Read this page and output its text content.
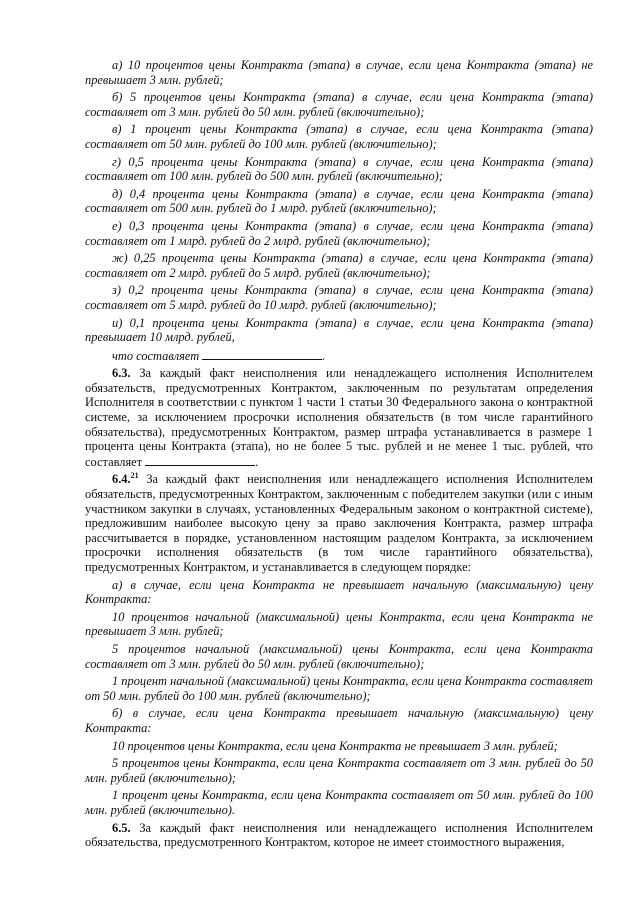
а) 10 процентов цены Контракта (этапа) в случае, если цена Контракта (этапа) не превышает 3 млн. рублей;

б) 5 процентов цены Контракта (этапа) в случае, если цена Контракта (этапа) составляет от 3 млн. рублей до 50 млн. рублей (включительно);

в) 1 процент цены Контракта (этапа) в случае, если цена Контракта (этапа) составляет от 50 млн. рублей до 100 млн. рублей (включительно);

г) 0,5 процента цены Контракта (этапа) в случае, если цена Контракта (этапа) составляет от 100 млн. рублей до 500 млн. рублей (включительно);

д) 0,4 процента цены Контракта (этапа) в случае, если цена Контракта (этапа) составляет от 500 млн. рублей до 1 млрд. рублей (включительно);

е) 0,3 процента цены Контракта (этапа) в случае, если цена Контракта (этапа) составляет от 1 млрд. рублей до 2 млрд. рублей (включительно);

ж) 0,25 процента цены Контракта (этапа) в случае, если цена Контракта (этапа) составляет от 2 млрд. рублей до 5 млрд. рублей (включительно);

з) 0,2 процента цены Контракта (этапа) в случае, если цена Контракта (этапа) составляет от 5 млрд. рублей до 10 млрд. рублей (включительно);

и) 0,1 процента цены Контракта (этапа) в случае, если цена Контракта (этапа) превышает 10 млрд. рублей,

что составляет	.

6.3. За каждый факт неисполнения или ненадлежащего исполнения Исполнителем обязательств, предусмотренных Контрактом, заключенным по результатам определения Исполнителя в соответствии с пунктом 1 части 1 статьи 30 Федерального закона о контрактной системе, за исключением просрочки исполнения обязательств (в том числе гарантийного обязательства), предусмотренных Контрактом, размер штрафа устанавливается в размере 1 процента цены Контракта (этапа), но не более 5 тыс. рублей и не менее 1 тыс. рублей, что составляет	.

6.4.21 За каждый факт неисполнения или ненадлежащего исполнения Исполнителем обязательств, предусмотренных Контрактом, заключенным с победителем закупки (или с иным участником закупки в случаях, установленных Федеральным законом о контрактной системе), предложившим наиболее высокую цену за право заключения Контракта, размер штрафа рассчитывается в порядке, установленном настоящим разделом Контракта, за исключением просрочки исполнения обязательств (в том числе гарантийного обязательства), предусмотренных Контрактом, и устанавливается в следующем порядке:

а) в случае, если цена Контракта не превышает начальную (максимальную) цену Контракта:

10 процентов начальной (максимальной) цены Контракта, если цена Контракта не превышает 3 млн. рублей;

5 процентов начальной (максимальной) цены Контракта, если цена Контракта составляет от 3 млн. рублей до 50 млн. рублей (включительно);

1 процент начальной (максимальной) цены Контракта, если цена Контракта составляет от 50 млн. рублей до 100 млн. рублей (включительно);

б) в случае, если цена Контракта превышает начальную (максимальную) цену Контракта:

10 процентов цены Контракта, если цена Контракта не превышает 3 млн. рублей;

5 процентов цены Контракта, если цена Контракта составляет от 3 млн. рублей до 50 млн. рублей (включительно);

1 процент цены Контракта, если цена Контракта составляет от 50 млн. рублей до 100 млн. рублей (включительно).

6.5. За каждый факт неисполнения или ненадлежащего исполнения Исполнителем обязательства, предусмотренного Контрактом, которое не имеет стоимостного выражения,
